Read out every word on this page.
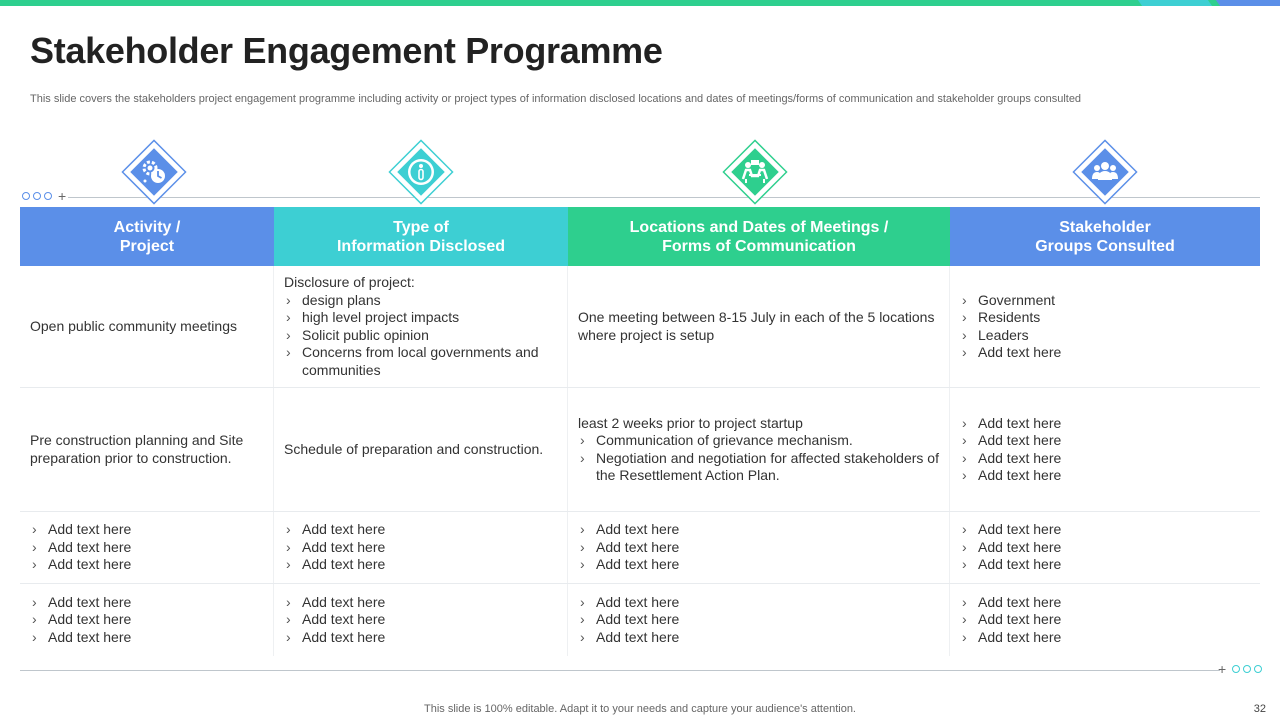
Stakeholder Engagement Programme
This slide covers the stakeholders project engagement programme including activity or project types of information disclosed locations and dates of meetings/forms of communication and stakeholder groups consulted
+
Activity /
Project
Type of
Information Disclosed
Locations and Dates of Meetings /
Forms of Communication
Stakeholder
Groups Consulted
Open public community meetings
Disclosure of project:
› design plans
› high level project impacts
› Solicit public opinion
› Concerns from local governments and communities
One meeting between 8-15 July in each of the 5 locations where project is setup
› Government
› Residents
› Leaders
› Add text here
Pre construction planning and Site preparation prior to construction.
Schedule of preparation and construction.
least 2 weeks prior to project startup
› Communication of grievance mechanism.
› Negotiation and negotiation for affected stakeholders of the Resettlement Action Plan.
› Add text here
› Add text here
› Add text here
› Add text here
› Add text here
› Add text here
› Add text here
› Add text here
› Add text here
› Add text here
› Add text here
› Add text here
› Add text here
› Add text here
› Add text here
› Add text here
› Add text here
› Add text here
› Add text here
› Add text here
› Add text here
› Add text here
› Add text here
› Add text here
› Add text here
› Add text here
› Add text here
› Add text here
+
This slide is 100% editable. Adapt it to your needs and capture your audience's attention.	32
